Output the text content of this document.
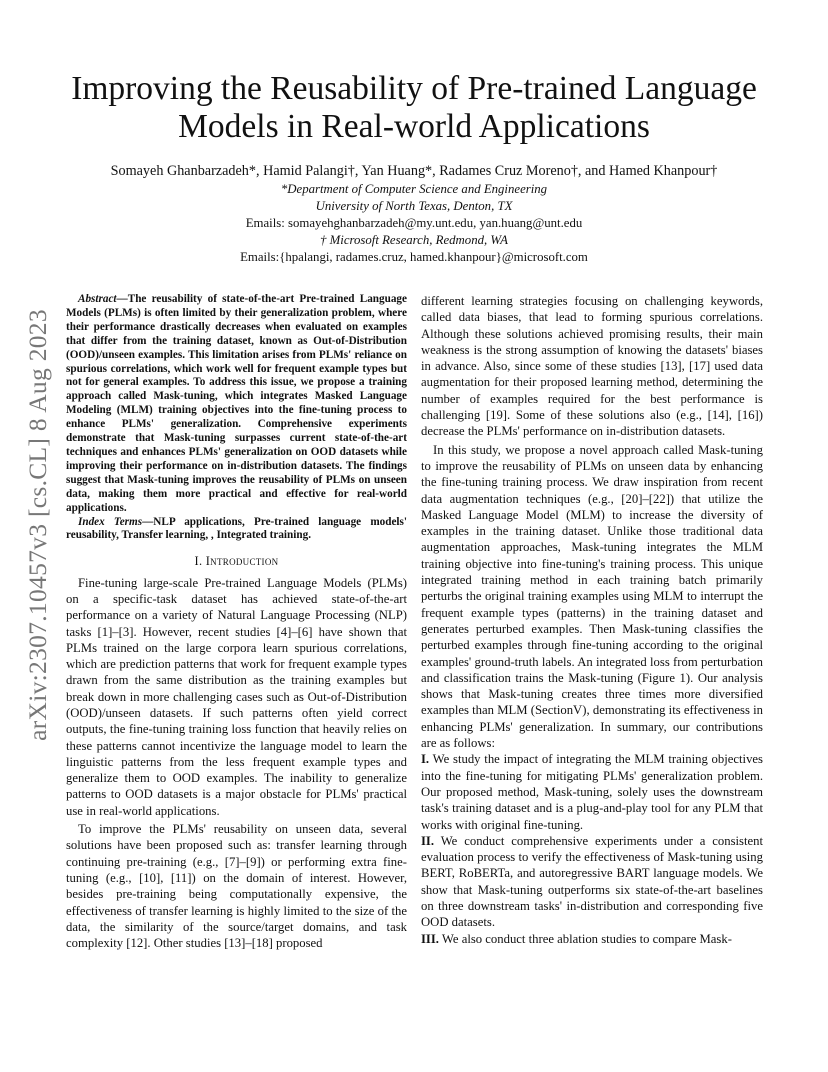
Improving the Reusability of Pre-trained Language Models in Real-world Applications
Somayeh Ghanbarzadeh*, Hamid Palangi†, Yan Huang*, Radames Cruz Moreno†, and Hamed Khanpour†
*Department of Computer Science and Engineering
University of North Texas, Denton, TX
Emails: somayehghanbarzadeh@my.unt.edu, yan.huang@unt.edu
† Microsoft Research, Redmond, WA
Emails:{hpalangi, radames.cruz, hamed.khanpour}@microsoft.com
arXiv:2307.10457v3 [cs.CL] 8 Aug 2023

Abstract—The reusability of state-of-the-art Pre-trained Language Models (PLMs) is often limited by their generalization problem, where their performance drastically decreases when evaluated on examples that differ from the training dataset, known as Out-of-Distribution (OOD)/unseen examples. This limitation arises from PLMs' reliance on spurious correlations, which work well for frequent example types but not for general examples. To address this issue, we propose a training approach called Mask-tuning, which integrates Masked Language Modeling (MLM) training objectives into the fine-tuning process to enhance PLMs' generalization. Comprehensive experiments demonstrate that Mask-tuning surpasses current state-of-the-art techniques and enhances PLMs' generalization on OOD datasets while improving their performance on in-distribution datasets. The findings suggest that Mask-tuning improves the reusability of PLMs on unseen data, making them more practical and effective for real-world applications.

Index Terms—NLP applications, Pre-trained language models' reusability, Transfer learning, , Integrated training.

I. Introduction

Fine-tuning large-scale Pre-trained Language Models (PLMs) on a specific-task dataset has achieved state-of-the-art performance on a variety of Natural Language Processing (NLP) tasks [1]–[3]. However, recent studies [4]–[6] have shown that PLMs trained on the large corpora learn spurious correlations, which are prediction patterns that work for frequent example types drawn from the same distribution as the training examples but break down in more challenging cases such as Out-of-Distribution (OOD)/unseen datasets. If such patterns often yield correct outputs, the fine-tuning training loss function that heavily relies on these patterns cannot incentivize the language model to learn the linguistic patterns from the less frequent example types and generalize them to OOD examples. The inability to generalize patterns to OOD datasets is a major obstacle for PLMs' practical use in real-world applications.

To improve the PLMs' reusability on unseen data, several solutions have been proposed such as: transfer learning through continuing pre-training (e.g., [7]–[9]) or performing extra fine-tuning (e.g., [10], [11]) on the domain of interest. However, besides pre-training being computationally expensive, the effectiveness of transfer learning is highly limited to the size of the data, the similarity of the source/target domains, and task complexity [12]. Other studies [13]–[18] proposed

different learning strategies focusing on challenging keywords, called data biases, that lead to forming spurious correlations. Although these solutions achieved promising results, their main weakness is the strong assumption of knowing the datasets' biases in advance. Also, since some of these studies [13], [17] used data augmentation for their proposed learning method, determining the number of examples required for the best performance is challenging [19]. Some of these solutions also (e.g., [14], [16]) decrease the PLMs' performance on in-distribution datasets.

In this study, we propose a novel approach called Mask-tuning to improve the reusability of PLMs on unseen data by enhancing the fine-tuning training process. We draw inspiration from recent data augmentation techniques (e.g., [20]–[22]) that utilize the Masked Language Model (MLM) to increase the diversity of examples in the training dataset. Unlike those traditional data augmentation approaches, Mask-tuning integrates the MLM training objective into fine-tuning's training process. This unique integrated training method in each training batch primarily perturbs the original training examples using MLM to interrupt the frequent example types (patterns) in the training dataset and generates perturbed examples. Then Mask-tuning classifies the perturbed examples through fine-tuning according to the original examples' ground-truth labels. An integrated loss from perturbation and classification trains the Mask-tuning (Figure 1). Our analysis shows that Mask-tuning creates three times more diversified examples than MLM (SectionV), demonstrating its effectiveness in enhancing PLMs' generalization. In summary, our contributions are as follows:

I. We study the impact of integrating the MLM training objectives into the fine-tuning for mitigating PLMs' generalization problem. Our proposed method, Mask-tuning, solely uses the downstream task's training dataset and is a plug-and-play tool for any PLM that works with original fine-tuning.

II. We conduct comprehensive experiments under a consistent evaluation process to verify the effectiveness of Mask-tuning using BERT, RoBERTa, and autoregressive BART language models. We show that Mask-tuning outperforms six state-of-the-art baselines on three downstream tasks' in-distribution and corresponding five OOD datasets.

III. We also conduct three ablation studies to compare Mask-
